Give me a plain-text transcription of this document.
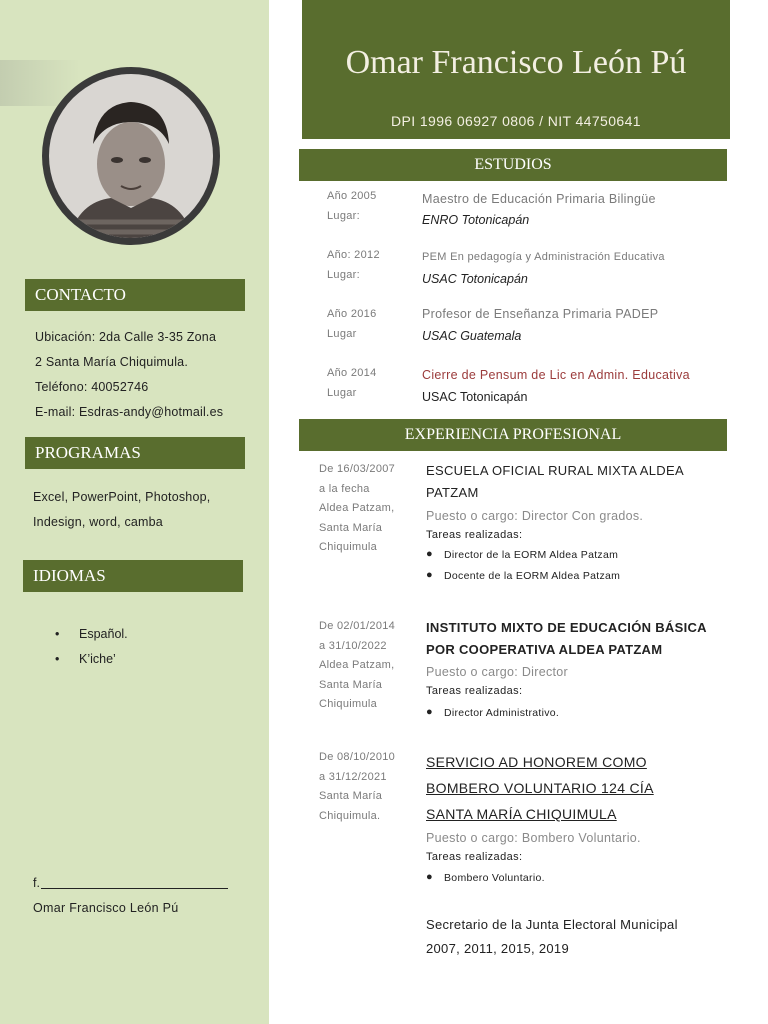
CONTACTO
Ubicación: 2da Calle 3-35 Zona
2 Santa María Chiquimula.
Teléfono: 40052746
E-mail: Esdras-andy@hotmail.es
PROGRAMAS
Excel, PowerPoint, Photoshop,
Indesign, word, camba
IDIOMAS
• Español.
• K’iche’
f.
Omar Francisco León Pú
Omar Francisco León Pú
DPI 1996 06927 0806 / NIT 44750641
ESTUDIOS
Año 2005
Lugar:
Maestro de Educación Primaria Bilingüe
ENRO Totonicapán
Año: 2012
Lugar:
PEM En pedagogía y Administración Educativa
USAC Totonicapán
Año 2016
Lugar
Profesor de Enseñanza Primaria PADEP
USAC Guatemala
Año 2014
Lugar
Cierre de Pensum de Lic en Admin. Educativa
USAC Totonicapán
EXPERIENCIA PROFESIONAL
De 16/03/2007
a la fecha
Aldea Patzam,
Santa María
Chiquimula
ESCUELA OFICIAL RURAL MIXTA ALDEA
PATZAM
Puesto o cargo: Director Con grados.
Tareas realizadas:
● Director de la EORM Aldea Patzam
● Docente de la EORM Aldea Patzam
De 02/01/2014
a 31/10/2022
Aldea Patzam,
Santa María
Chiquimula
INSTITUTO MIXTO DE EDUCACIÓN BÁSICA
POR COOPERATIVA ALDEA PATZAM
Puesto o cargo: Director
Tareas realizadas:
● Director Administrativo.
De 08/10/2010
a 31/12/2021
Santa María
Chiquimula.
SERVICIO AD HONOREM COMO
BOMBERO VOLUNTARIO 124 CÍA
SANTA MARÍA CHIQUIMULA
Puesto o cargo: Bombero Voluntario.
Tareas realizadas:
● Bombero Voluntario.
Secretario de la Junta Electoral Municipal
2007, 2011, 2015, 2019
